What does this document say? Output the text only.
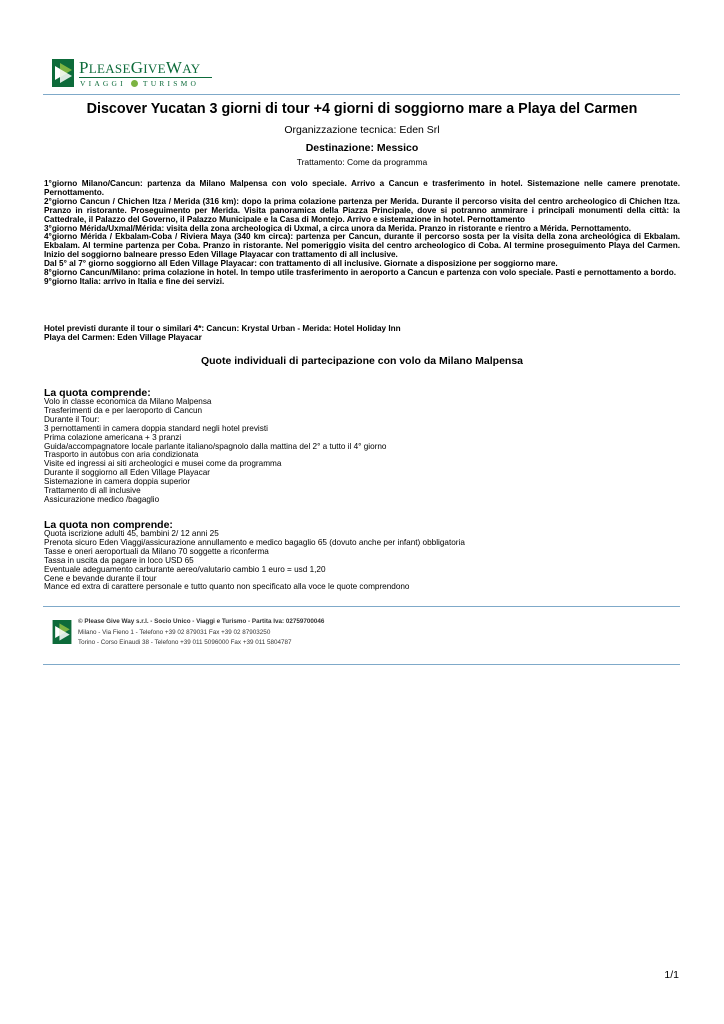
PLEASEGIVEWAY
VIAGGI TURISMO
Discover Yucatan 3 giorni di tour +4 giorni di soggiorno mare a Playa del Carmen
Organizzazione tecnica: Eden Srl
Destinazione: Messico
Trattamento: Come da programma
1°giorno Milano/Cancun: partenza da Milano Malpensa con volo speciale. Arrivo a Cancun e trasferimento in hotel. Sistemazione nelle camere prenotate. Pernottamento.
2°giorno Cancun / Chichen Itza / Merida (316 km): dopo la prima colazione partenza per Merida. Durante il percorso visita del centro archeologico di Chichen Itza. Pranzo in ristorante. Proseguimento per Merida. Visita panoramica della Piazza Principale, dove si potranno ammirare i principali monumenti della città: la Cattedrale, il Palazzo del Governo, il Palazzo Municipale e la Casa di Montejo. Arrivo e sistemazione in hotel. Pernottamento
3°giorno Mérida/Uxmal/Mérida: visita della zona archeologica di Uxmal, a circa unora da Merida. Pranzo in ristorante e rientro a Mérida. Pernottamento.
4°giorno Mérida / Ekbalam-Coba / Riviera Maya (340 km circa): partenza per Cancun, durante il percorso sosta per la visita della zona archeológica di Ekbalam. Ekbalam. Al termine partenza per Coba. Pranzo in ristorante. Nel pomeriggio visita del centro archeologico di Coba. Al termine proseguimento Playa del Carmen. Inizio del soggiorno balneare presso Eden Village Playacar con trattamento di all inclusive.
Dal 5° al 7° giorno soggiorno all Eden Village Playacar: con trattamento di all inclusive. Giornate a disposizione per soggiorno mare.
8°giorno Cancun/Milano: prima colazione in hotel. In tempo utile trasferimento in aeroporto a Cancun e partenza con volo speciale. Pasti e pernottamento a bordo.
9°giorno Italia: arrivo in Italia e fine dei servizi.
Hotel previsti durante il tour o similari 4*: Cancun: Krystal Urban - Merida: Hotel Holiday Inn
Playa del Carmen: Eden Village Playacar
Quote individuali di partecipazione con volo da Milano Malpensa
La quota comprende:
Volo in classe economica da Milano Malpensa
Trasferimenti da e per laeroporto di Cancun
Durante il Tour:
3 pernottamenti in camera doppia standard negli hotel previsti
Prima colazione americana + 3 pranzi
Guida/accompagnatore locale parlante italiano/spagnolo dalla mattina del 2° a tutto il 4° giorno
Trasporto in autobus con aria condizionata
Visite ed ingressi ai siti archeologici e musei come da programma
Durante il soggiorno all Eden Village Playacar
Sistemazione in camera doppia superior
Trattamento di all inclusive
Assicurazione medico /bagaglio
La quota non comprende:
Quota iscrizione adulti 45, bambini 2/ 12 anni 25
Prenota sicuro Eden Viaggi/assicurazione annullamento e medico bagaglio 65 (dovuto anche per infant) obbligatoria
Tasse e oneri aeroportuali da Milano 70 soggette a riconferma
Tassa in uscita da pagare in loco USD 65
Eventuale adeguamento carburante aereo/valutario cambio 1 euro = usd 1,20
Cene e bevande durante il tour
Mance ed extra di carattere personale e tutto quanto non specificato alla voce le quote comprendono
© Please Give Way s.r.l. - Socio Unico - Viaggi e Turismo - Partita Iva: 02759700046
Milano - Via Fieno 1 - Telefono +39 02 879031 Fax +39 02 87903250
Torino - Corso Einaudi 38 - Telefono +39 011 5096000 Fax +39 011 5804787
1/1
